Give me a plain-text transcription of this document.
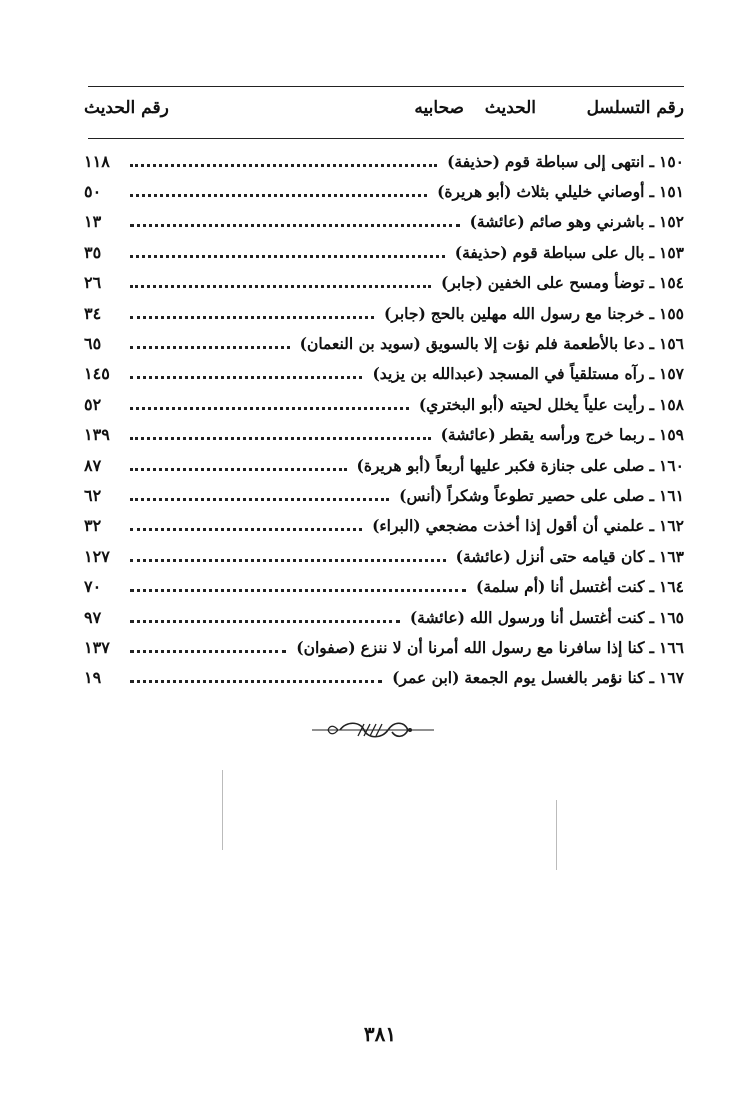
رقم التسلسل
الحديث
صحابيه
رقم الحديث
١٥٠
ـ
انتهى إلى سباطة قوم
(حذيفة)
١١٨
١٥١
ـ
أوصاني خليلي بثلاث
(أبو هريرة)
٥٠
١٥٢
ـ
باشرني وهو صائم
(عائشة)
١٣
١٥٣
ـ
بال على سباطة قوم
(حذيفة)
٣٥
١٥٤
ـ
توضأ ومسح على الخفين
(جابر)
٢٦
١٥٥
ـ
خرجنا مع رسول الله مهلين بالحج
(جابر)
٣٤
١٥٦
ـ
دعا بالأطعمة فلم نؤت إلا بالسويق
(سويد بن النعمان)
٦٥
١٥٧
ـ
رآه مستلقياً في المسجد
(عبدالله بن يزيد)
١٤٥
١٥٨
ـ
رأيت علياً يخلل لحيته
(أبو البختري)
٥٢
١٥٩
ـ
ربما خرج ورأسه يقطر
(عائشة)
١٣٩
١٦٠
ـ
صلى على جنازة فكبر عليها أربعاً
(أبو هريرة)
٨٧
١٦١
ـ
صلى على حصير تطوعاً وشكراً
(أنس)
٦٢
١٦٢
ـ
علمني أن أقول إذا أخذت مضجعي
(البراء)
٣٢
١٦٣
ـ
كان قيامه حتى أنزل
(عائشة)
١٢٧
١٦٤
ـ
كنت أغتسل أنا
(أم سلمة)
٧٠
١٦٥
ـ
كنت أغتسل أنا ورسول الله
(عائشة)
٩٧
١٦٦
ـ
كنا إذا سافرنا مع رسول الله أمرنا أن لا ننزع
(صفوان)
١٣٧
١٦٧
ـ
كنا نؤمر بالغسل يوم الجمعة
(ابن عمر)
١٩
٣٨١
